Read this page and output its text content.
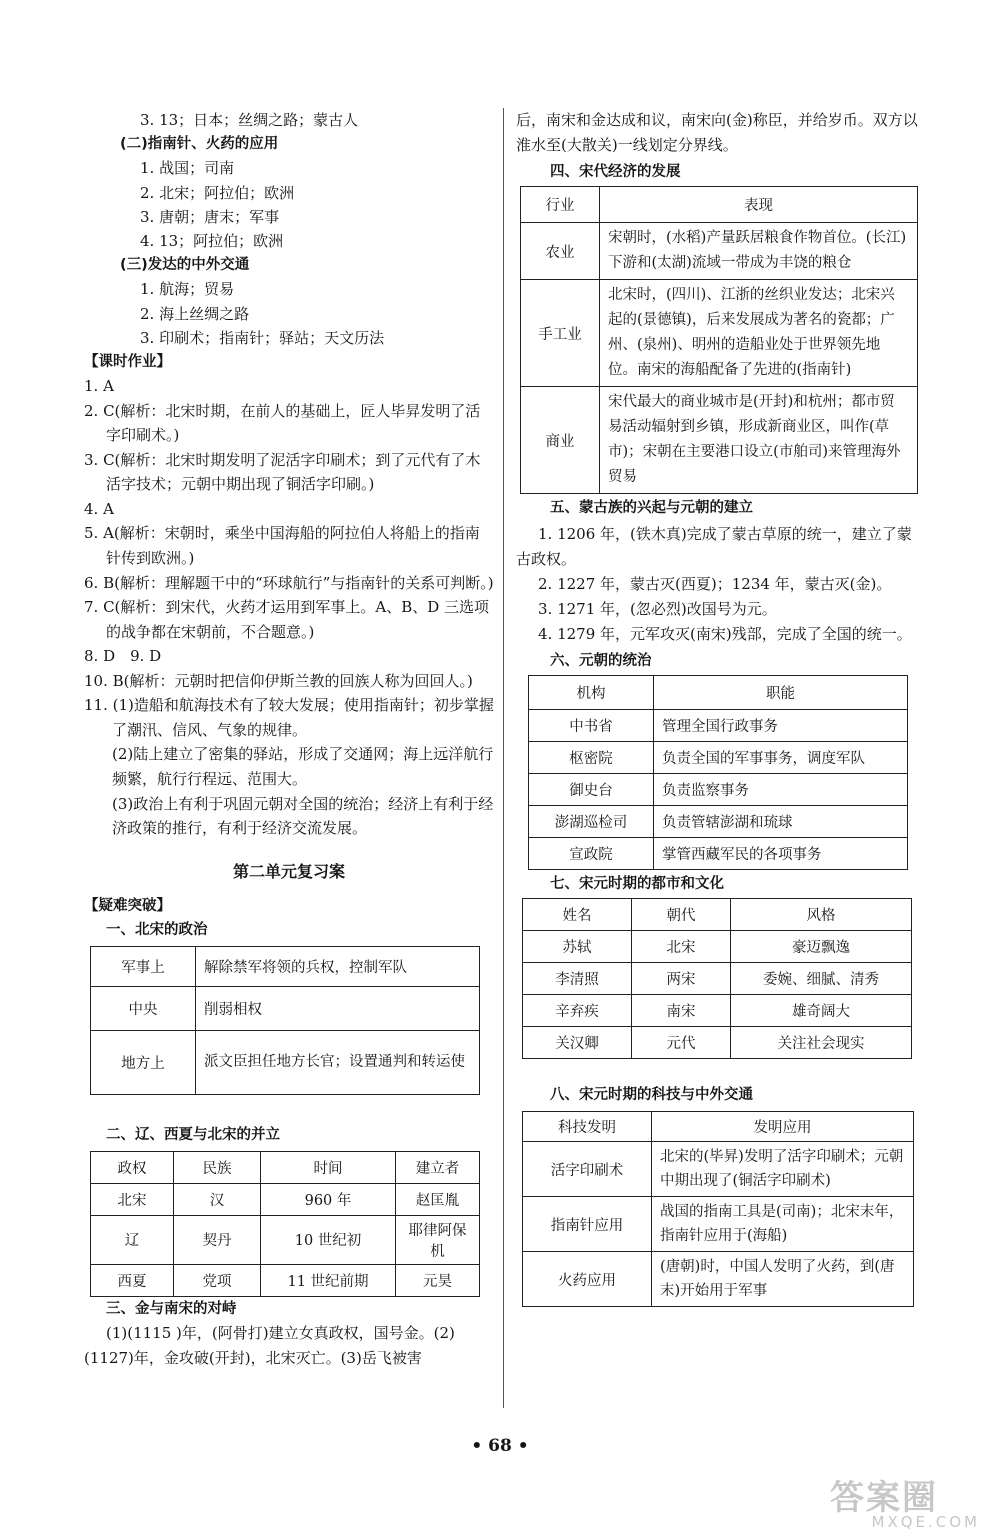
3. 13；日本；丝绸之路；蒙古人
(二)指南针、火药的应用
1. 战国；司南
2. 北宋；阿拉伯；欧洲
3. 唐朝；唐末；军事
4. 13；阿拉伯；欧洲
(三)发达的中外交通
1. 航海；贸易
2. 海上丝绸之路
3. 印刷术；指南针；驿站；天文历法
【课时作业】
1. A
2. C(解析：北宋时期，在前人的基础上，匠人毕昇发明了活字印刷术。)
3. C(解析：北宋时期发明了泥活字印刷术；到了元代有了木活字技术；元朝中期出现了铜活字印刷。)
4. A
5. A(解析：宋朝时，乘坐中国海船的阿拉伯人将船上的指南针传到欧洲。)
6. B(解析：理解题干中的“环球航行”与指南针的关系可判断。)
7. C(解析：到宋代，火药才运用到军事上。A、B、D 三选项的战争都在宋朝前，不合题意。)
8. D　9. D
10. B(解析：元朝时把信仰伊斯兰教的回族人称为回回人。)
11. (1)造船和航海技术有了较大发展；使用指南针；初步掌握了潮汛、信风、气象的规律。
(2)陆上建立了密集的驿站，形成了交通网；海上远洋航行频繁，航行行程远、范围大。
(3)政治上有利于巩固元朝对全国的统治；经济上有利于经济政策的推行，有利于经济交流发展。
第二单元复习案
【疑难突破】
一、北宋的政治
军事上	解除禁军将领的兵权，控制军队
中央	削弱相权
地方上	派文臣担任地方长官；设置通判和转运使
二、辽、西夏与北宋的并立
政权	民族	时间	建立者
北宋	汉	960 年	赵匡胤
辽	契丹	10 世纪初	耶律阿保机
西夏	党项	11 世纪前期	元昊
三、金与南宋的对峙
(1)(1115 )年，(阿骨打)建立女真政权，国号金。(2)(1127)年，金攻破(开封)，北宋灭亡。(3)岳飞被害
后，南宋和金达成和议，南宋向(金)称臣，并给岁币。双方以淮水至(大散关)一线划定分界线。
四、宋代经济的发展
行业	表现
农业	宋朝时，(水稻)产量跃居粮食作物首位。(长江)下游和(太湖)流域一带成为丰饶的粮仓
手工业	北宋时，(四川)、江浙的丝织业发达；北宋兴起的(景德镇)，后来发展成为著名的瓷都；广州、(泉州)、明州的造船业处于世界领先地位。南宋的海船配备了先进的(指南针)
商业	宋代最大的商业城市是(开封)和杭州；都市贸易活动辐射到乡镇，形成新商业区，叫作(草市)；宋朝在主要港口设立(市舶司)来管理海外贸易
五、蒙古族的兴起与元朝的建立
1. 1206 年，(铁木真)完成了蒙古草原的统一，建立了蒙古政权。
2. 1227 年，蒙古灭(西夏)；1234 年，蒙古灭(金)。
3. 1271 年，(忽必烈)改国号为元。
4. 1279 年，元军攻灭(南宋)残部，完成了全国的统一。
六、元朝的统治
机构	职能
中书省	管理全国行政事务
枢密院	负责全国的军事事务，调度军队
御史台	负责监察事务
澎湖巡检司	负责管辖澎湖和琉球
宣政院	掌管西藏军民的各项事务
七、宋元时期的都市和文化
姓名	朝代	风格
苏轼	北宋	豪迈飘逸
李清照	两宋	委婉、细腻、清秀
辛弃疾	南宋	雄奇阔大
关汉卿	元代	关注社会现实
八、宋元时期的科技与中外交通
科技发明	发明应用
活字印刷术	北宋的(毕昇)发明了活字印刷术；元朝中期出现了(铜活字印刷术)
指南针应用	战国的指南工具是(司南)；北宋末年，指南针应用于(海船)
火药应用	(唐朝)时，中国人发明了火药，到(唐末)开始用于军事
• 68 •
答案圈
MXQE.COM
